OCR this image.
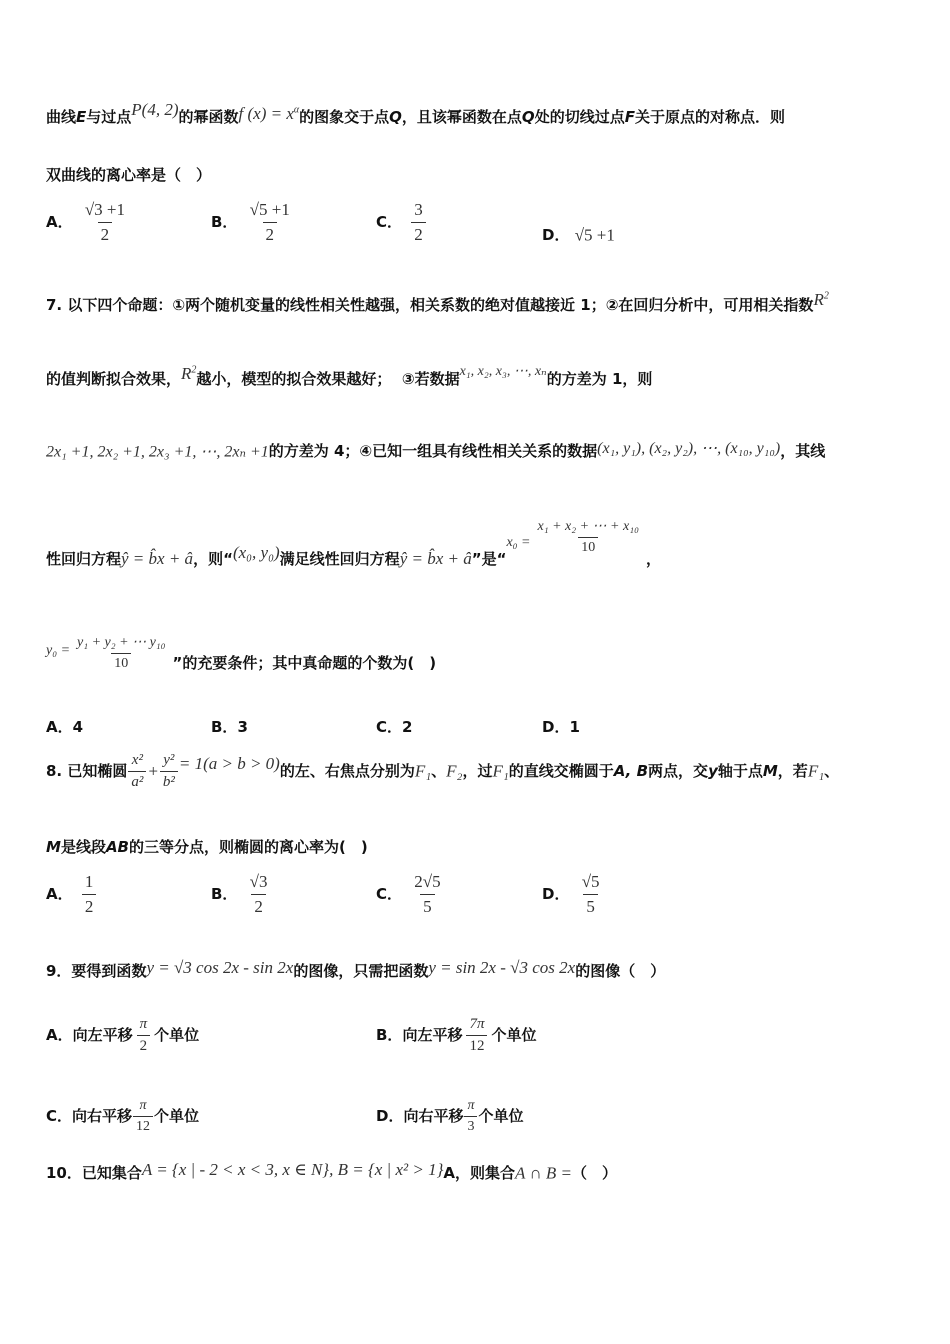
曲线E与过点P(4, 2)的幂函数f $(x) = x^\alpha$的图象交于点Q，且该幂函数在点Q处的切线过点F关于原点的对称点．则
双曲线的离心率是（　）
A． $\frac{√3 +1}{2}$	B． $\frac{√5 +1}{2}$	C． $\frac{3}{2}$	D． √5 +1
7. 以下四个命题：①两个随机变量的线性相关性越强，相关系数的绝对值越接近 1；②在回归分析中，可用相关指数$R^2$
的值判断拟合效果，$R^2$越小，模型的拟合效果越好； ③若数据x₁, x₂, x₃, ⋯, xₙ的方差为 1，则
2x₁ +1, 2x₂ +1, 2x₃ +1, ⋯, 2xₙ +1的方差为 4；④已知一组具有线性相关关系的数据(x₁, y₁), (x₂, y₂), ⋯, (x₁₀, y₁₀)，其线
性回归方程ŷ = b̂x + â，则“(x₀, y₀)满足线性回归方程ŷ = b̂x + â”是“$x_0 = \frac{\text{x₁ + x₂ + ⋯ + x₁₀}}{10}$
，
$y_0 = \frac{\text{y₁ + y₂ + ⋯ y₁₀}}{10}$ ”的充要条件；其中真命题的个数为(　)
A．4	B．3	C．2	D．1
8. 已知椭圆 $\frac{\text{x²}}{\text{a²}} + \frac{\text{y²}}{\text{b²}} = 1(a > b > 0)$的左、右焦点分别为F₁、F₂，过F₁的直线交椭圆于A, B两点，交y轴于点M，若F₁、
M是线段AB的三等分点，则椭圆的离心率为(　)
A． $\frac{1}{2}$	B． $\frac{√3}{2}$	C． $\frac{2√5}{5}$	D． $\frac{√5}{5}$
9．要得到函数y = √3 cos 2x - sin 2x的图像，只需把函数y = sin 2x - √3 cos 2x的图像（　）
A．向左平移 $\frac{\pi}{2}$ 个单位	B．向左平移 $\frac{7\pi}{12}$ 个单位
C．向右平移 $\frac{\pi}{12}$ 个单位	D．向右平移 $\frac{\pi}{3}$ 个单位
10．已知集合A = {x | - 2 < x < 3, x ∈ N}, B = {x | x² > 1}A，则集合A ∩ B =（　）
